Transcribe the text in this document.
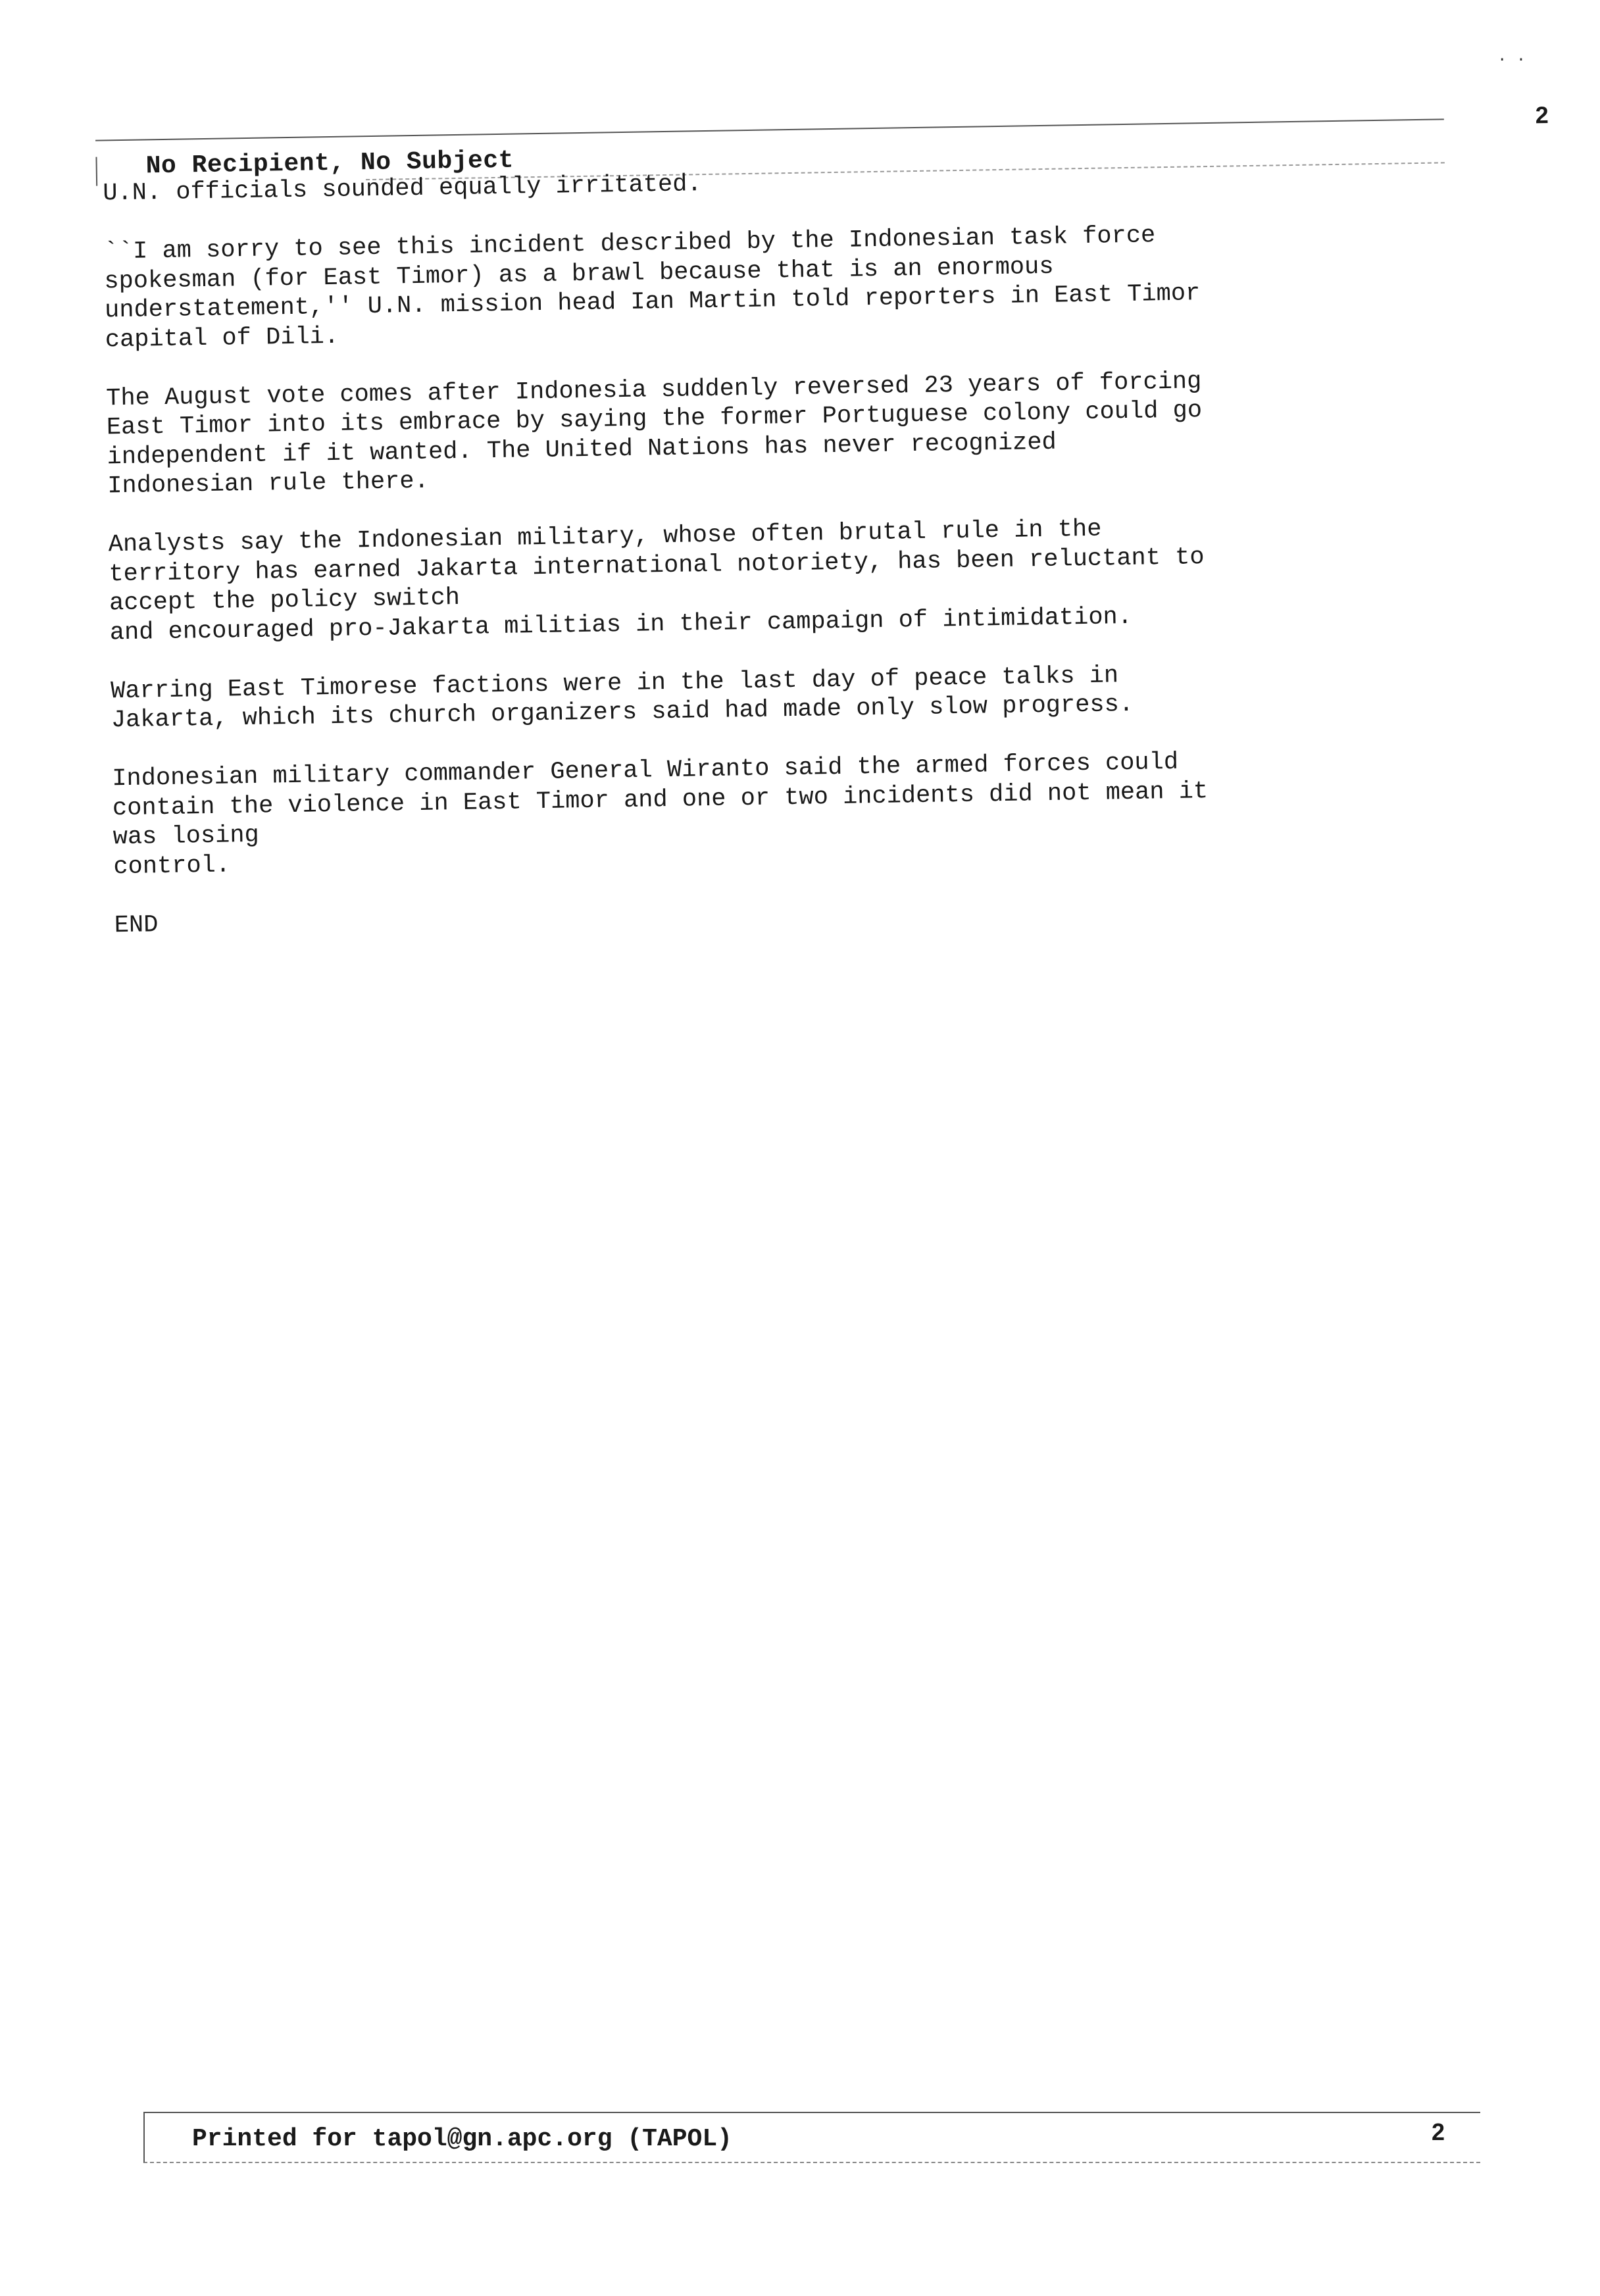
No Recipient, No Subject
2

U.N. officials sounded equally irritated.

``I am sorry to see this incident described by the Indonesian task force
spokesman (for East Timor) as a brawl because that is an enormous
understatement,'' U.N. mission head Ian Martin told reporters in East Timor
capital of Dili.

The August vote comes after Indonesia suddenly reversed 23 years of forcing
East Timor into its embrace by saying the former Portuguese colony could go
independent if it wanted. The United Nations has never recognized
Indonesian rule there.

Analysts say the Indonesian military, whose often brutal rule in the
territory has earned Jakarta international notoriety, has been reluctant to
accept the policy switch
and encouraged pro-Jakarta militias in their campaign of intimidation.

Warring East Timorese factions were in the last day of peace talks in
Jakarta, which its church organizers said had made only slow progress.

Indonesian military commander General Wiranto said the armed forces could
contain the violence in East Timor and one or two incidents did not mean it
was losing
control.

END

Printed for tapol@gn.apc.org (TAPOL)	2
· ·
